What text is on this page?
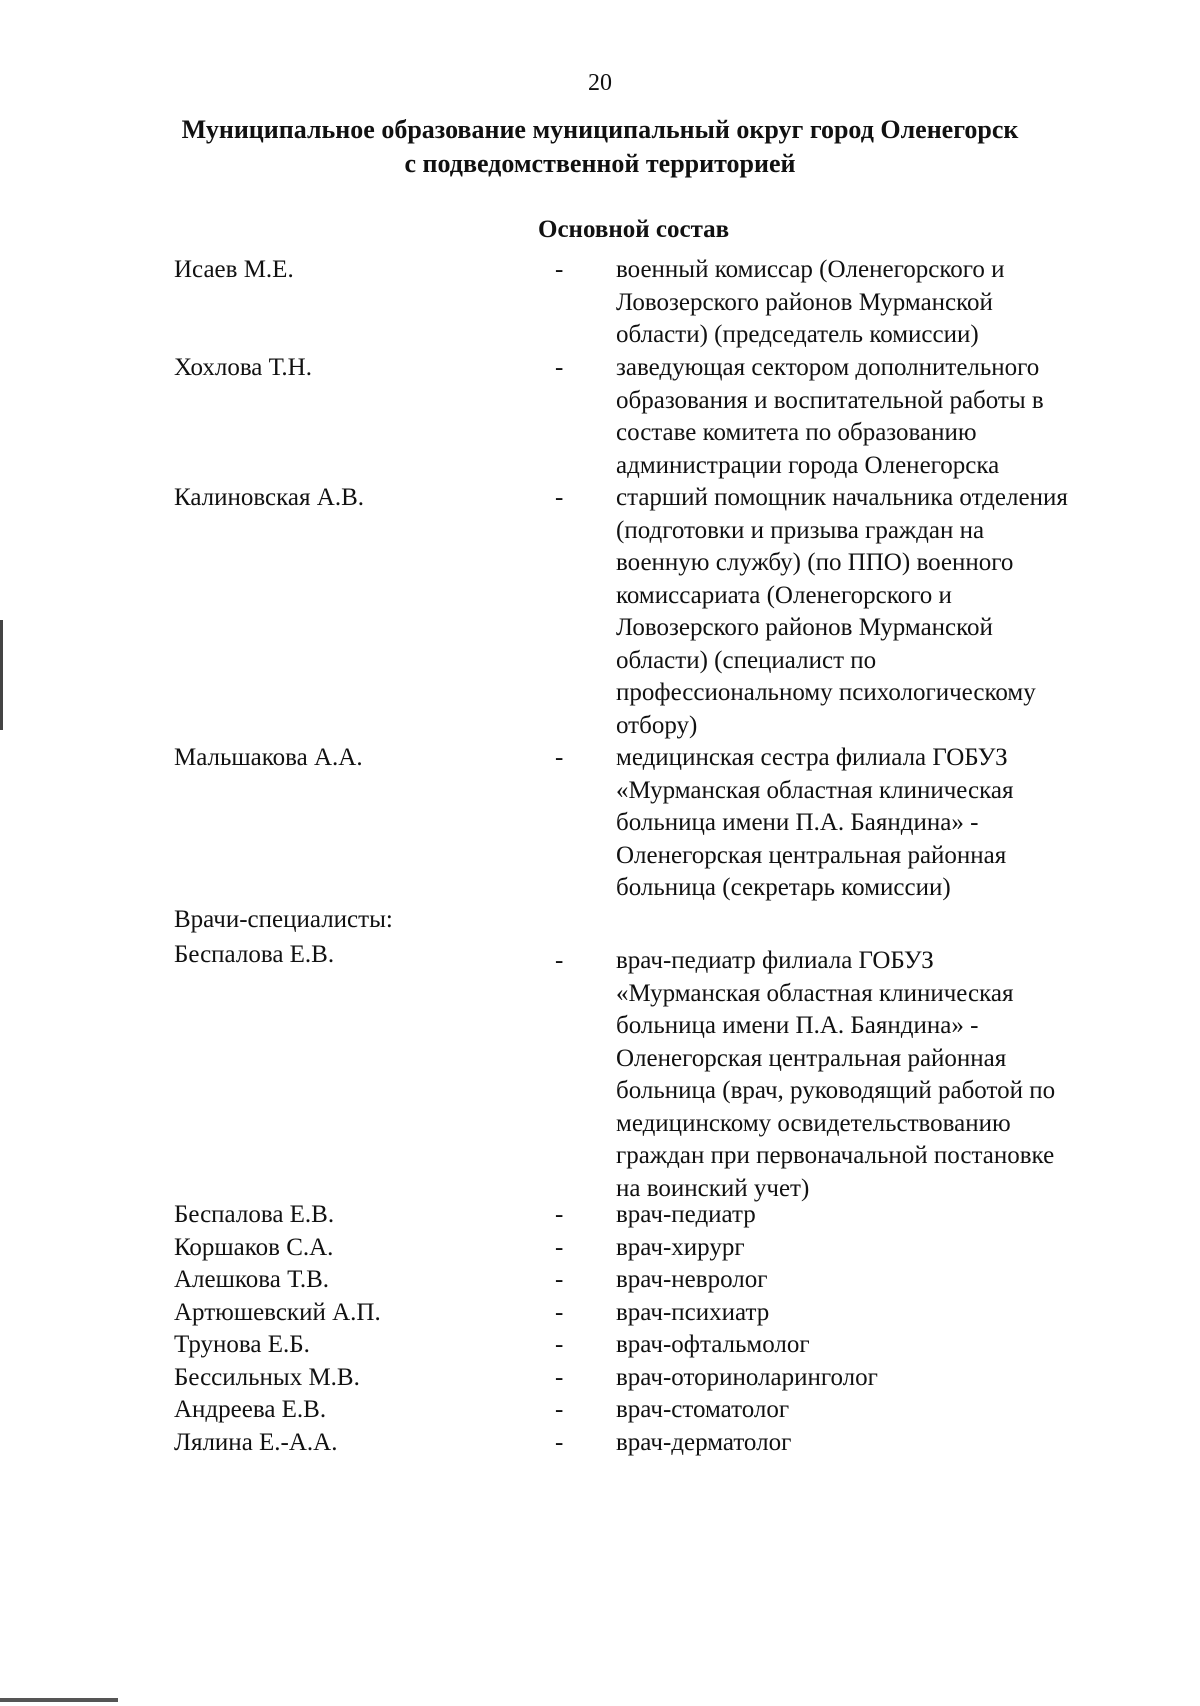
20
Муниципальное образование муниципальный округ город Оленегорск
с подведомственной территорией
Основной состав
Исаев М.Е.	- военный комиссар (Оленегорского и
Ловозерского районов Мурманской
области) (председатель комиссии)
Хохлова Т.Н.	- заведующая сектором дополнительного
образования и воспитательной работы в
составе комитета по образованию
администрации города Оленегорска
Калиновская А.В.	- старший помощник начальника отделения
(подготовки и призыва граждан на
военную службу) (по ППО) военного
комиссариата (Оленегорского и
Ловозерского районов Мурманской
области) (специалист по
профессиональному психологическому
отбору)
Мальшакова А.А.	- медицинская сестра филиала ГОБУЗ
«Мурманская областная клиническая
больница имени П.А. Баяндина» -
Оленегорская центральная районная
больница (секретарь комиссии)
Врачи-специалисты:
Беспалова Е.В.	- врач-педиатр филиала ГОБУЗ
«Мурманская областная клиническая
больница имени П.А. Баяндина» -
Оленегорская центральная районная
больница (врач, руководящий работой по
медицинскому освидетельствованию
граждан при первоначальной постановке
на воинский учет)
Беспалова Е.В.	- врач-педиатр
Коршаков С.А.	- врач-хирург
Алешкова Т.В.	- врач-невролог
Артюшевский А.П.	- врач-психиатр
Трунова Е.Б.	- врач-офтальмолог
Бессильных М.В.	- врач-оториноларинголог
Андреева Е.В.	- врач-стоматолог
Лялина Е.-А.А.	- врач-дерматолог
